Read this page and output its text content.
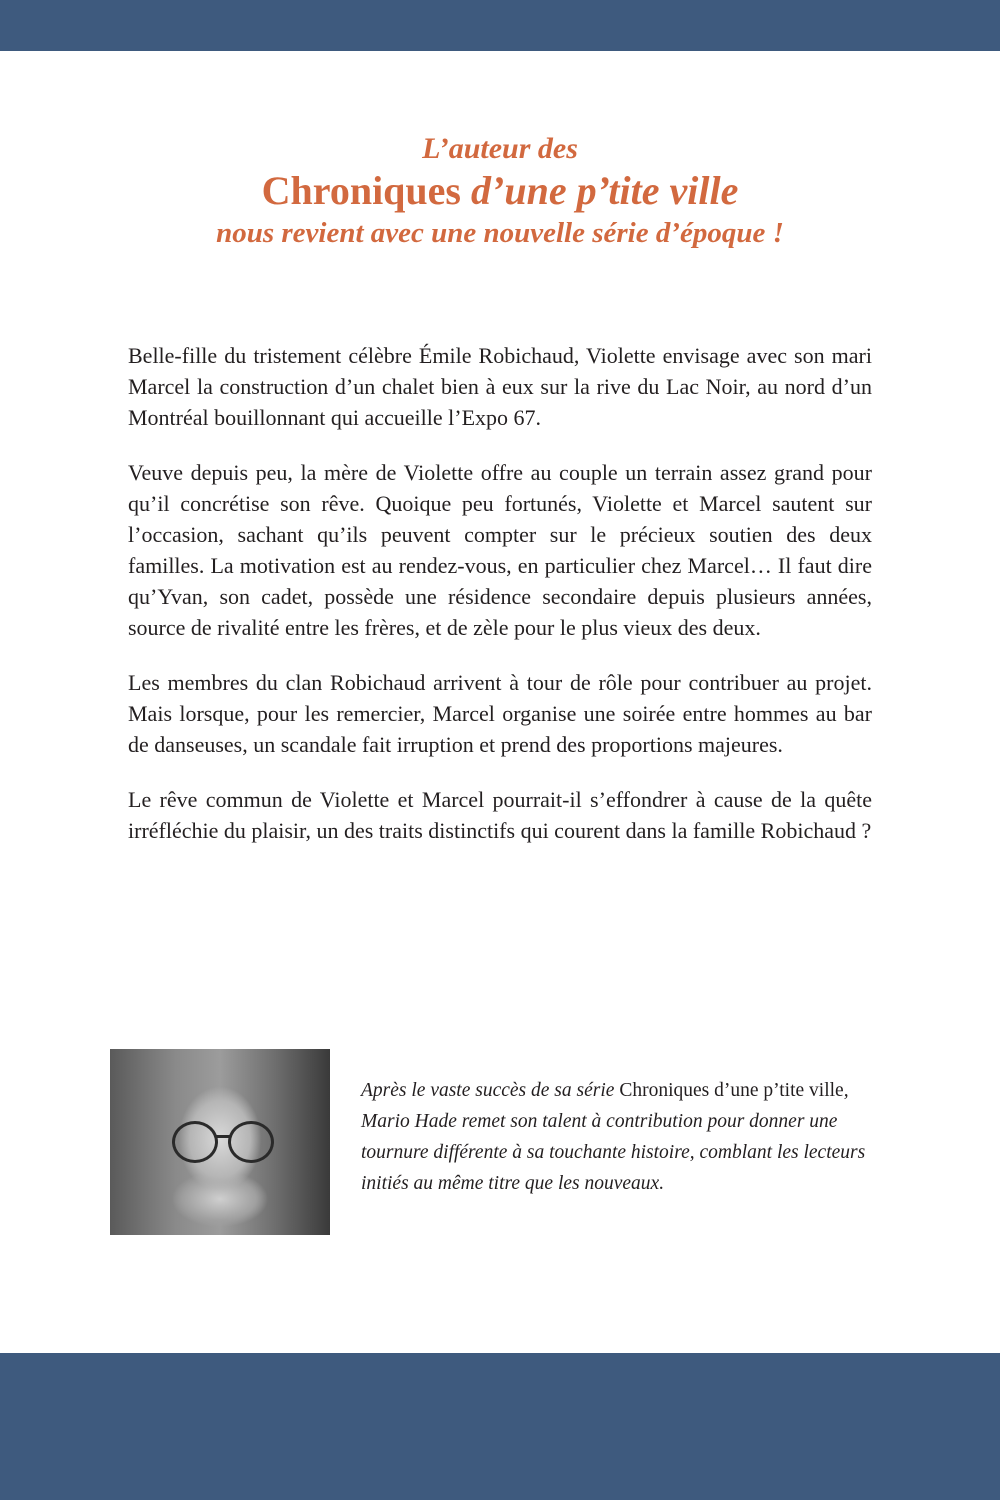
L’auteur des
Chroniques d’une p’tite ville
nous revient avec une nouvelle série d’époque !

Belle-fille du tristement célèbre Émile Robichaud, Violette envisage avec son mari Marcel la construction d’un chalet bien à eux sur la rive du Lac Noir, au nord d’un Montréal bouillonnant qui accueille l’Expo 67.

Veuve depuis peu, la mère de Violette offre au couple un terrain assez grand pour qu’il concrétise son rêve. Quoique peu fortunés, Violette et Marcel sautent sur l’occasion, sachant qu’ils peuvent compter sur le précieux soutien des deux familles. La motivation est au rendez-vous, en particulier chez Marcel… Il faut dire qu’Yvan, son cadet, possède une résidence secondaire depuis plusieurs années, source de rivalité entre les frères, et de zèle pour le plus vieux des deux.

Les membres du clan Robichaud arrivent à tour de rôle pour contribuer au projet. Mais lorsque, pour les remercier, Marcel organise une soirée entre hommes au bar de danseuses, un scandale fait irruption et prend des proportions majeures.

Le rêve commun de Violette et Marcel pourrait-il s’effondrer à cause de la quête irréfléchie du plaisir, un des traits distinctifs qui courent dans la famille Robichaud ?

Après le vaste succès de sa série Chroniques d’une p’tite ville, Mario Hade remet son talent à contribution pour donner une tournure différente à sa touchante histoire, comblant les lecteurs initiés au même titre que les nouveaux.
